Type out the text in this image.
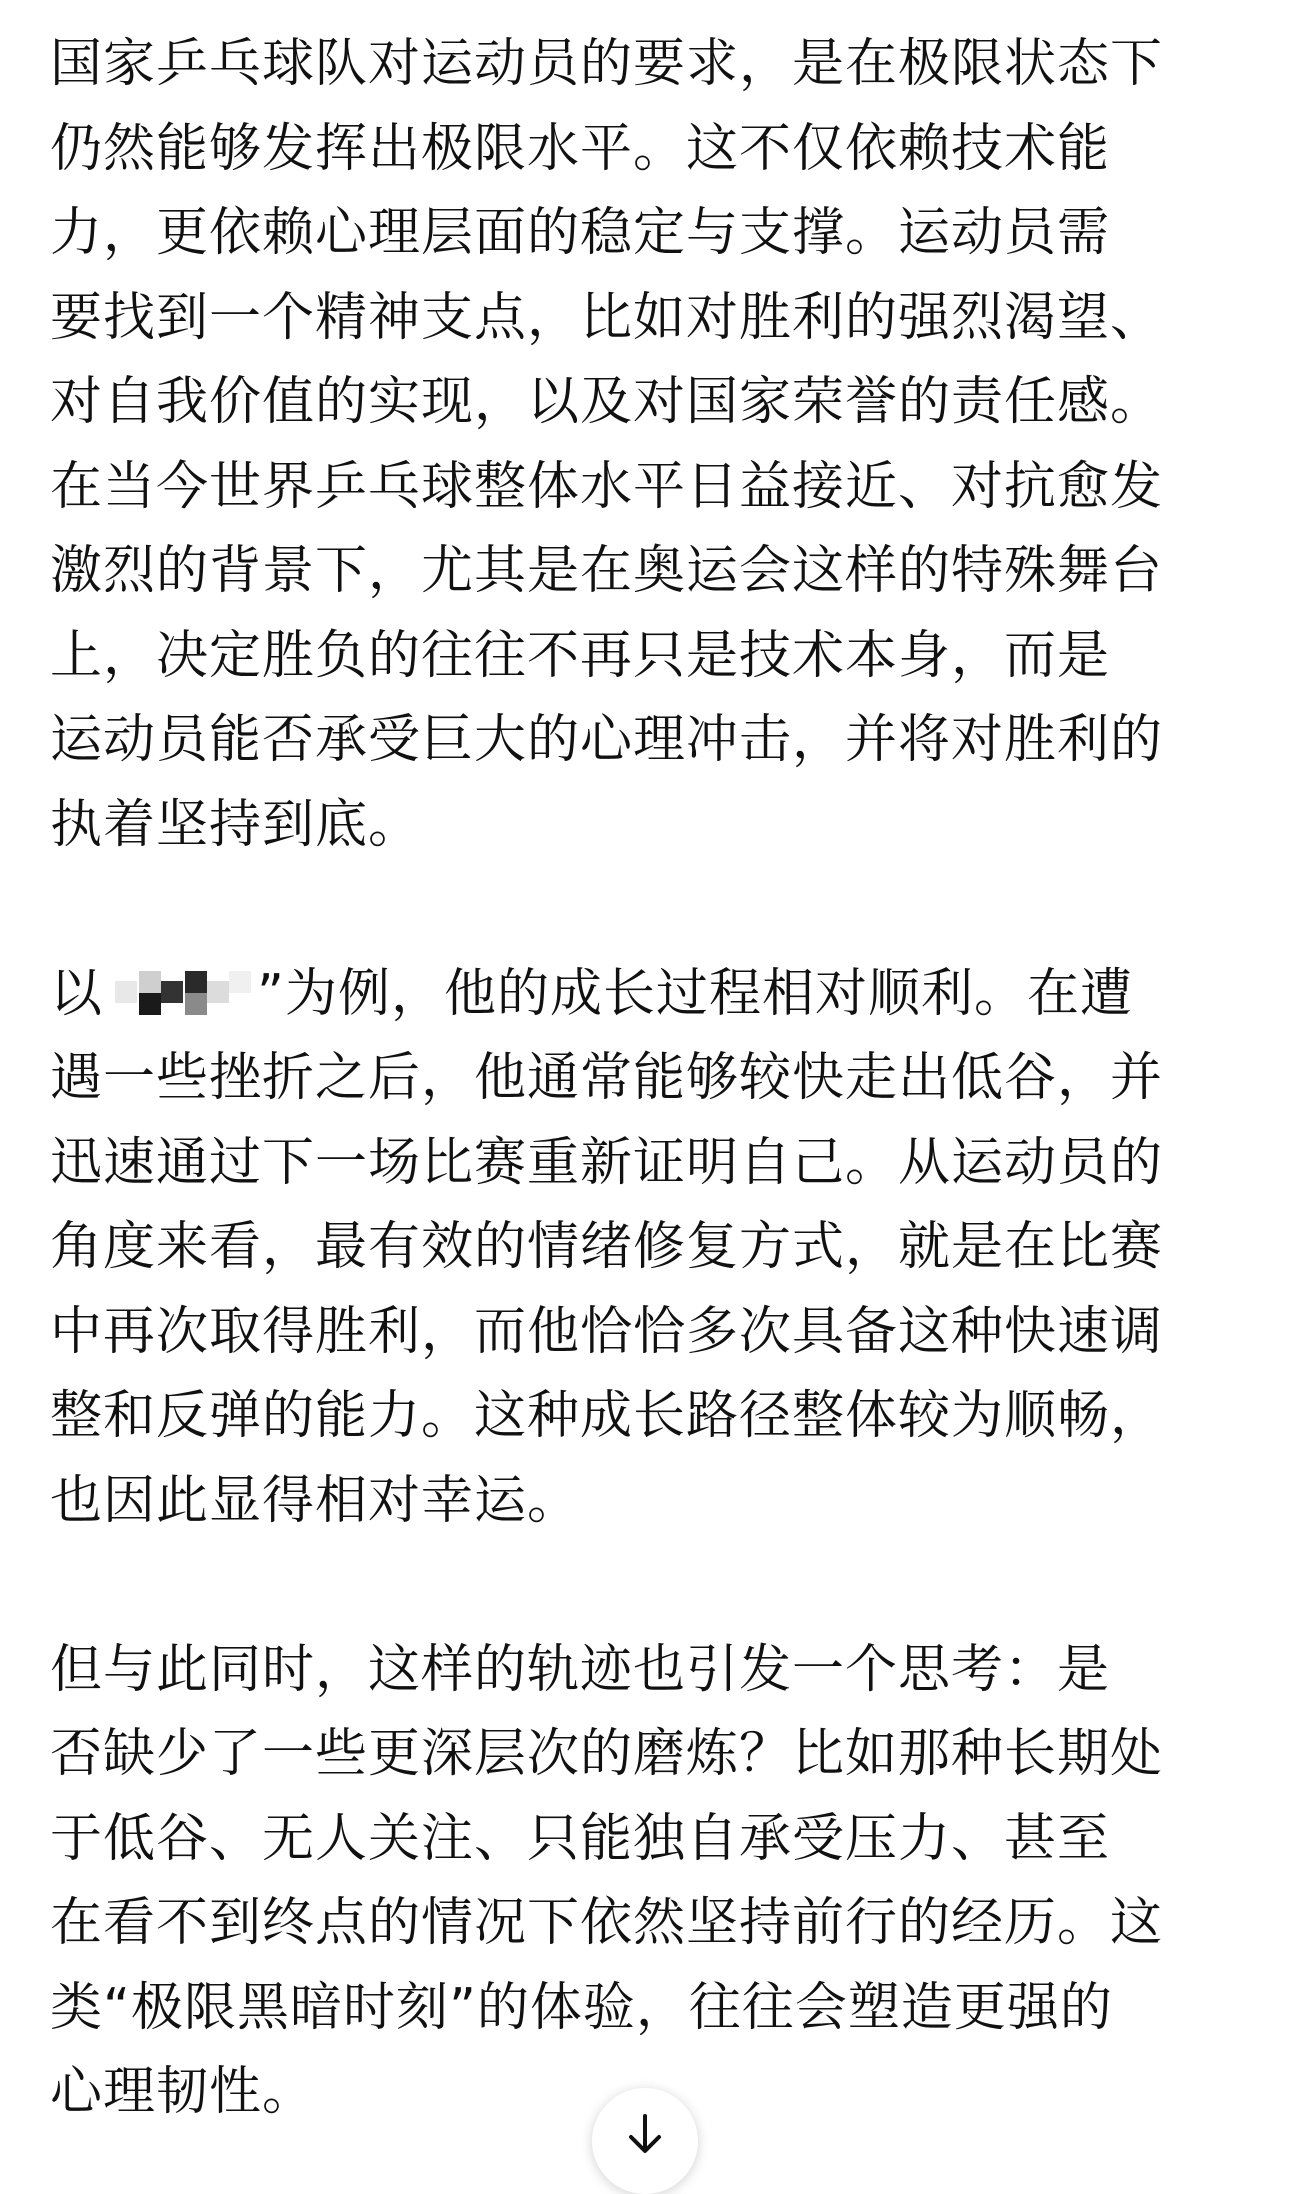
国家乒乓球队对运动员的要求，是在极限状态下
仍然能够发挥出极限水平。这不仅依赖技术能
力，更依赖心理层面的稳定与支撑。运动员需
要找到一个精神支点，比如对胜利的强烈渴望、
对自我价值的实现，以及对国家荣誉的责任感。
在当今世界乒乓球整体水平日益接近、对抗愈发
激烈的背景下，尤其是在奥运会这样的特殊舞台
上，决定胜负的往往不再只是技术本身，而是
运动员能否承受巨大的心理冲击，并将对胜利的
执着坚持到底。

以	”为例，他的成长过程相对顺利。在遭
遇一些挫折之后，他通常能够较快走出低谷，并
迅速通过下一场比赛重新证明自己。从运动员的
角度来看，最有效的情绪修复方式，就是在比赛
中再次取得胜利，而他恰恰多次具备这种快速调
整和反弹的能力。这种成长路径整体较为顺畅，
也因此显得相对幸运。

但与此同时，这样的轨迹也引发一个思考：是
否缺少了一些更深层次的磨炼？比如那种长期处
于低谷、无人关注、只能独自承受压力、甚至
在看不到终点的情况下依然坚持前行的经历。这
类“极限黑暗时刻”的体验，往往会塑造更强的
心理韧性。
